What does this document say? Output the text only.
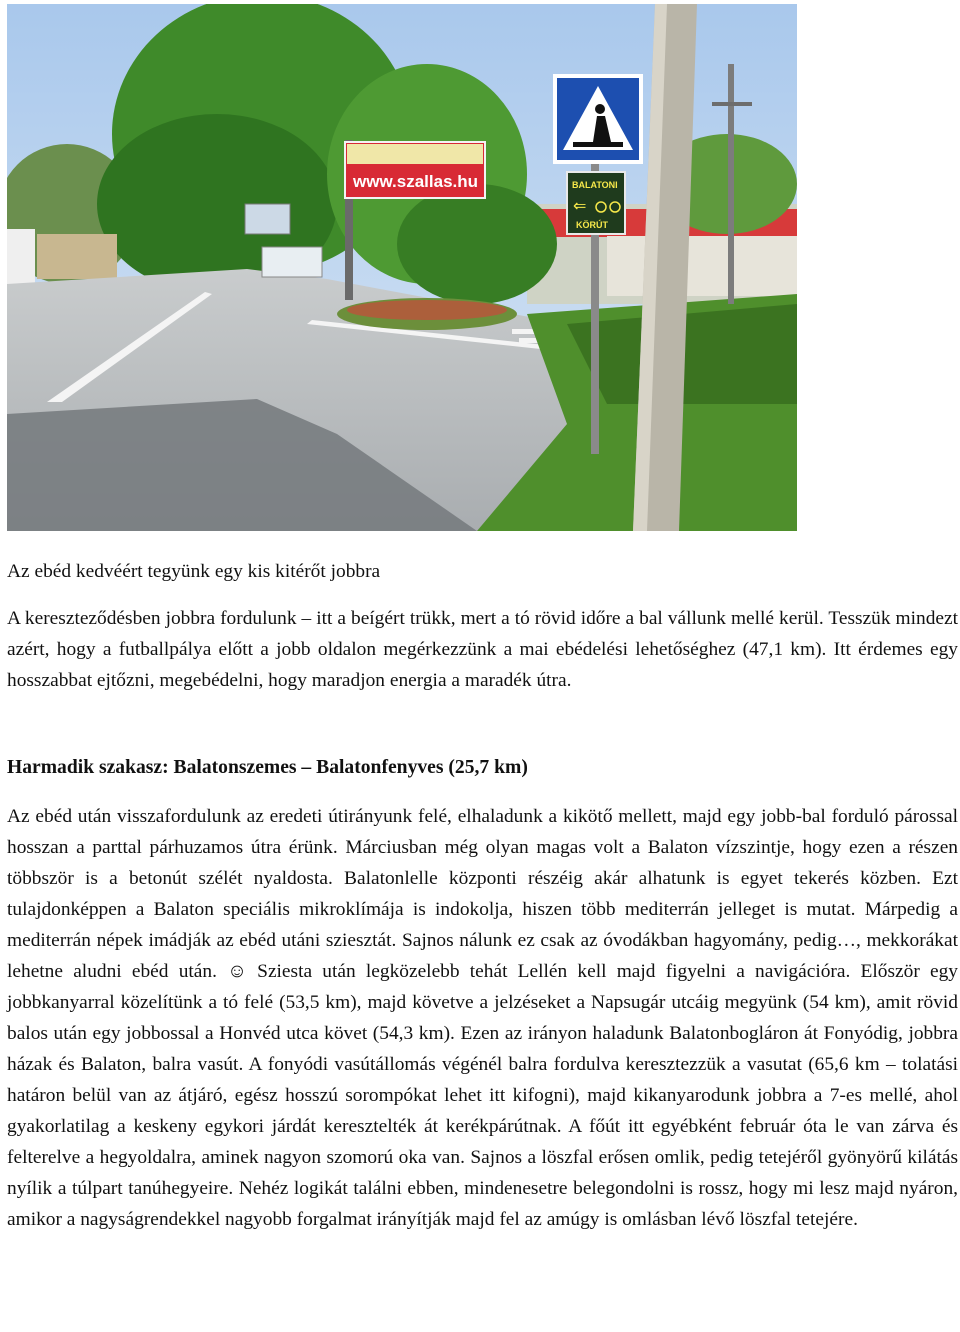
www.szallas.hu	BALATONI
KÖRÚT
⇐
Az ebéd kedvéért tegyünk egy kis kitérőt jobbra
A kereszteződésben jobbra fordulunk – itt a beígért trükk, mert a tó rövid időre a bal vállunk mellé kerül. Tesszük mindezt azért, hogy a futballpálya előtt a jobb oldalon megérkezzünk a mai ebédelési lehetőséghez (47,1 km). Itt érdemes egy hosszabbat ejtőzni, megebédelni, hogy maradjon energia a maradék útra.
Harmadik szakasz: Balatonszemes – Balatonfenyves (25,7 km)
Az ebéd után visszafordulunk az eredeti útirányunk felé, elhaladunk a kikötő mellett, majd egy jobb-bal forduló párossal hosszan a parttal párhuzamos útra érünk. Márciusban még olyan magas volt a Balaton vízszintje, hogy ezen a részen többször is a betonút szélét nyaldosta. Balatonlelle központi részéig akár alhatunk is egyet tekerés közben. Ezt tulajdonképpen a Balaton speciális mikroklímája is indokolja, hiszen több mediterrán jelleget is mutat. Márpedig a mediterrán népek imádják az ebéd utáni sziesztát. Sajnos nálunk ez csak az óvodákban hagyomány, pedig…, mekkorákat lehetne aludni ebéd után. ☺ Sziesta után legközelebb tehát Lellén kell majd figyelni a navigációra. Először egy jobbkanyarral közelítünk a tó felé (53,5 km), majd követve a jelzéseket a Napsugár utcáig megyünk (54 km), amit rövid balos után egy jobbossal a Honvéd utca követ (54,3 km). Ezen az irányon haladunk Balatonbogláron át Fonyódig, jobbra házak és Balaton, balra vasút. A fonyódi vasútállomás végénél balra fordulva keresztezzük a vasutat (65,6 km – tolatási határon belül van az átjáró, egész hosszú sorompókat lehet itt kifogni), majd kikanyarodunk jobbra a 7-es mellé, ahol gyakorlatilag a keskeny egykori járdát keresztelték át kerékpárútnak. A főút itt egyébként február óta le van zárva és felterelve a hegyoldalra, aminek nagyon szomorú oka van. Sajnos a löszfal erősen omlik, pedig tetejéről gyönyörű kilátás nyílik a túlpart tanúhegyeire. Nehéz logikát találni ebben, mindenesetre belegondolni is rossz, hogy mi lesz majd nyáron, amikor a nagyságrendekkel nagyobb forgalmat irányítják majd fel az amúgy is omlásban lévő löszfal tetejére.
